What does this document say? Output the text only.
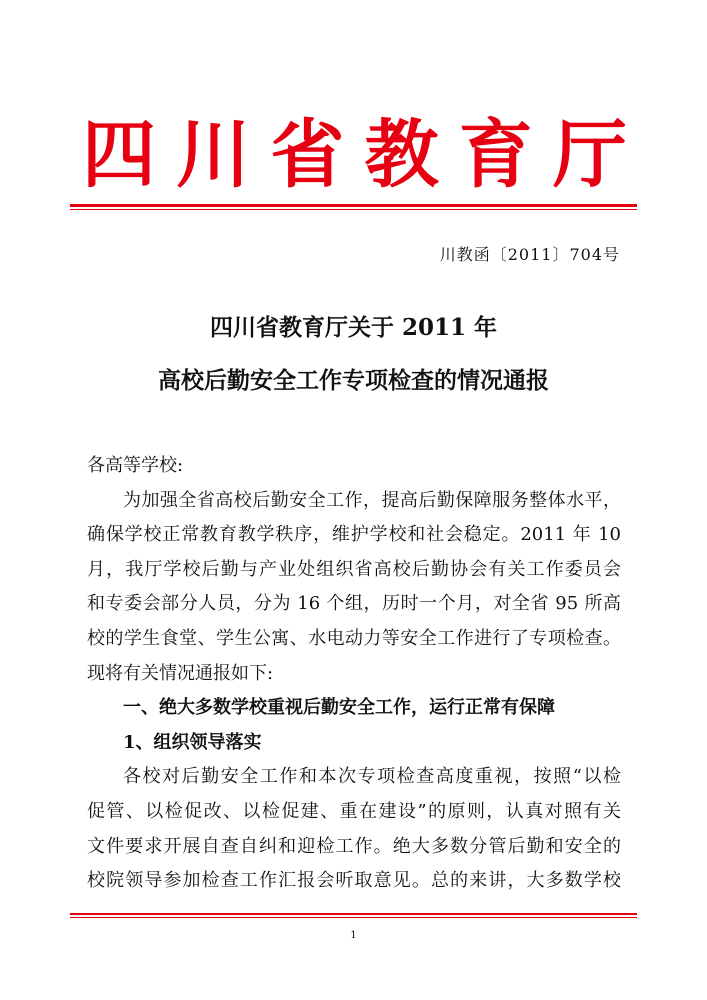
四 川 省 教 育 厅
川教函〔2011〕704号
四川省教育厅关于 2011 年
高校后勤安全工作专项检查的情况通报
各高等学校:
为加强全省高校后勤安全工作，提高后勤保障服务整体水平，
确保学校正常教育教学秩序，维护学校和社会稳定。2011 年 10
月，我厅学校后勤与产业处组织省高校后勤协会有关工作委员会
和专委会部分人员，分为 16 个组，历时一个月，对全省 95 所高
校的学生食堂、学生公寓、水电动力等安全工作进行了专项检查。
现将有关情况通报如下:
一、绝大多数学校重视后勤安全工作，运行正常有保障
1、组织领导落实
各校对后勤安全工作和本次专项检查高度重视，按照“以检
促管、以检促改、以检促建、重在建设”的原则，认真对照有关
文件要求开展自查自纠和迎检工作。绝大多数分管后勤和安全的
校院领导参加检查工作汇报会听取意见。总的来讲，大多数学校
1
